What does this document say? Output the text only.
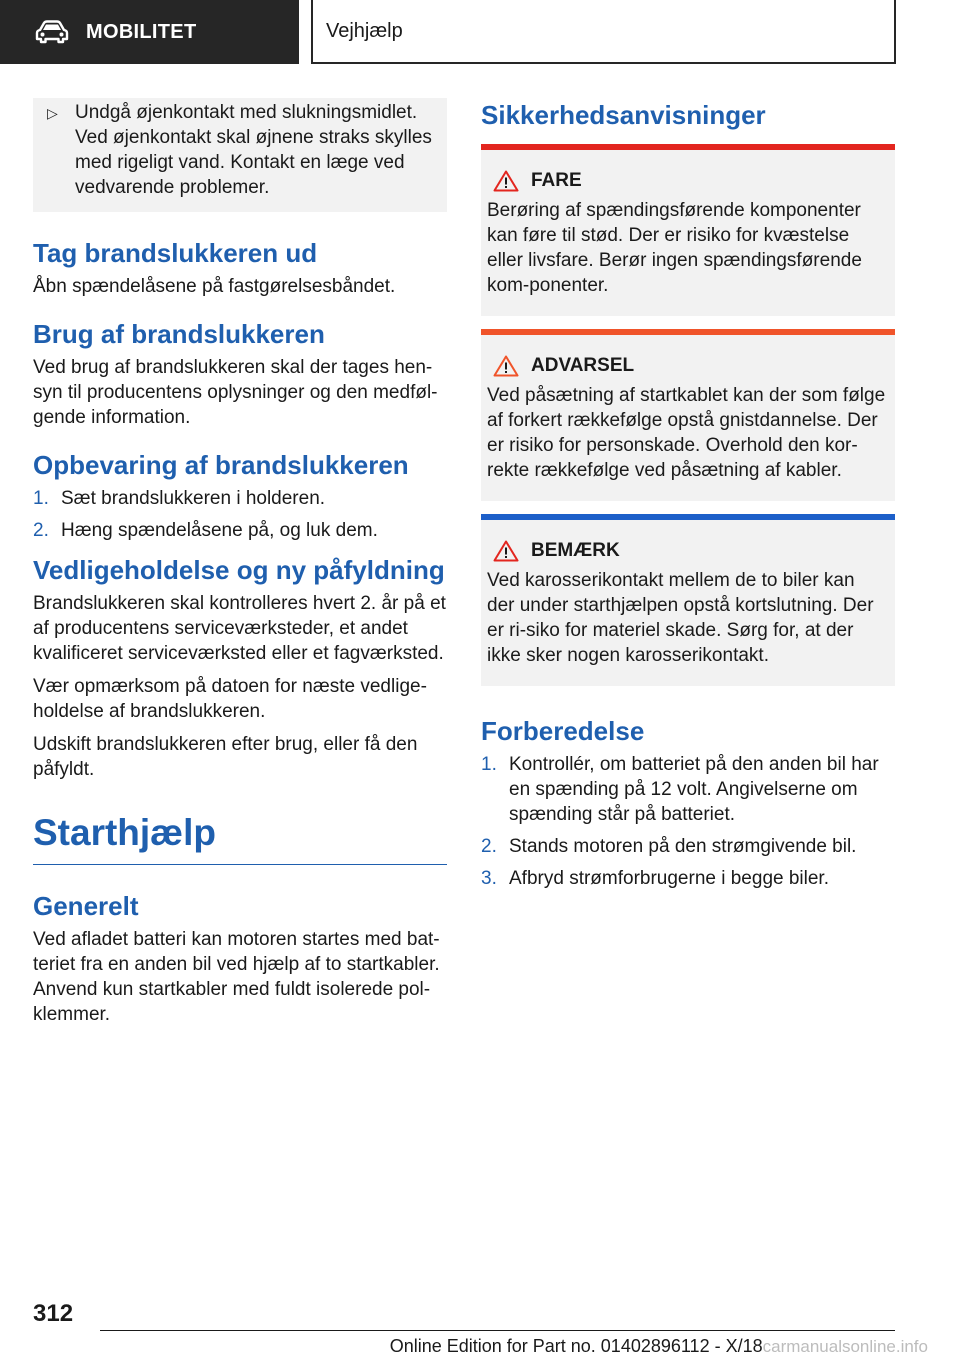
MOBILITET	Vejhjælp
▷ Undgå øjenkontakt med slukningsmidlet. Ved øjenkontakt skal øjnene straks skylles med rigeligt vand. Kontakt en læge ved vedvarende problemer.
Tag brandslukkeren ud

Åbn spændelåsene på fastgørelsesbåndet.

Brug af brandslukkeren

Ved brug af brandslukkeren skal der tages hen-syn til producentens oplysninger og den medføl-gende information.

Opbevaring af brandslukkeren
1. Sæt brandslukkeren i holderen.
2. Hæng spændelåsene på, og luk dem.
Vedligeholdelse og ny påfyldning

Brandslukkeren skal kontrolleres hvert 2. år på et af producentens serviceværksteder, et andet kvalificeret serviceværksted eller et fagværksted.

Vær opmærksom på datoen for næste vedlige-holdelse af brandslukkeren.

Udskift brandslukkeren efter brug, eller få den påfyldt.

Starthjælp
Generelt

Ved afladet batteri kan motoren startes med bat-teriet fra en anden bil ved hjælp af to startkabler. Anvend kun startkabler med fuldt isolerede pol-klemmer.

Sikkerhedsanvisninger
FARE
Berøring af spændingsførende komponenter kan føre til stød. Der er risiko for kvæstelse eller livsfare. Berør ingen spændingsførende kom-ponenter.
ADVARSEL
Ved påsætning af startkablet kan der som følge af forkert rækkefølge opstå gnistdannelse. Der er risiko for personskade. Overhold den kor-rekte rækkefølge ved påsætning af kabler.
BEMÆRK
Ved karosserikontakt mellem de to biler kan der under starthjælpen opstå kortslutning. Der er ri-siko for materiel skade. Sørg for, at der ikke sker nogen karosserikontakt.
Forberedelse
1. Kontrollér, om batteriet på den anden bil har en spænding på 12 volt. Angivelserne om spænding står på batteriet.
2. Stands motoren på den strømgivende bil.
3. Afbryd strømforbrugerne i begge biler.
312
Online Edition for Part no. 01402896112 - X/18carmanualsonline.info
